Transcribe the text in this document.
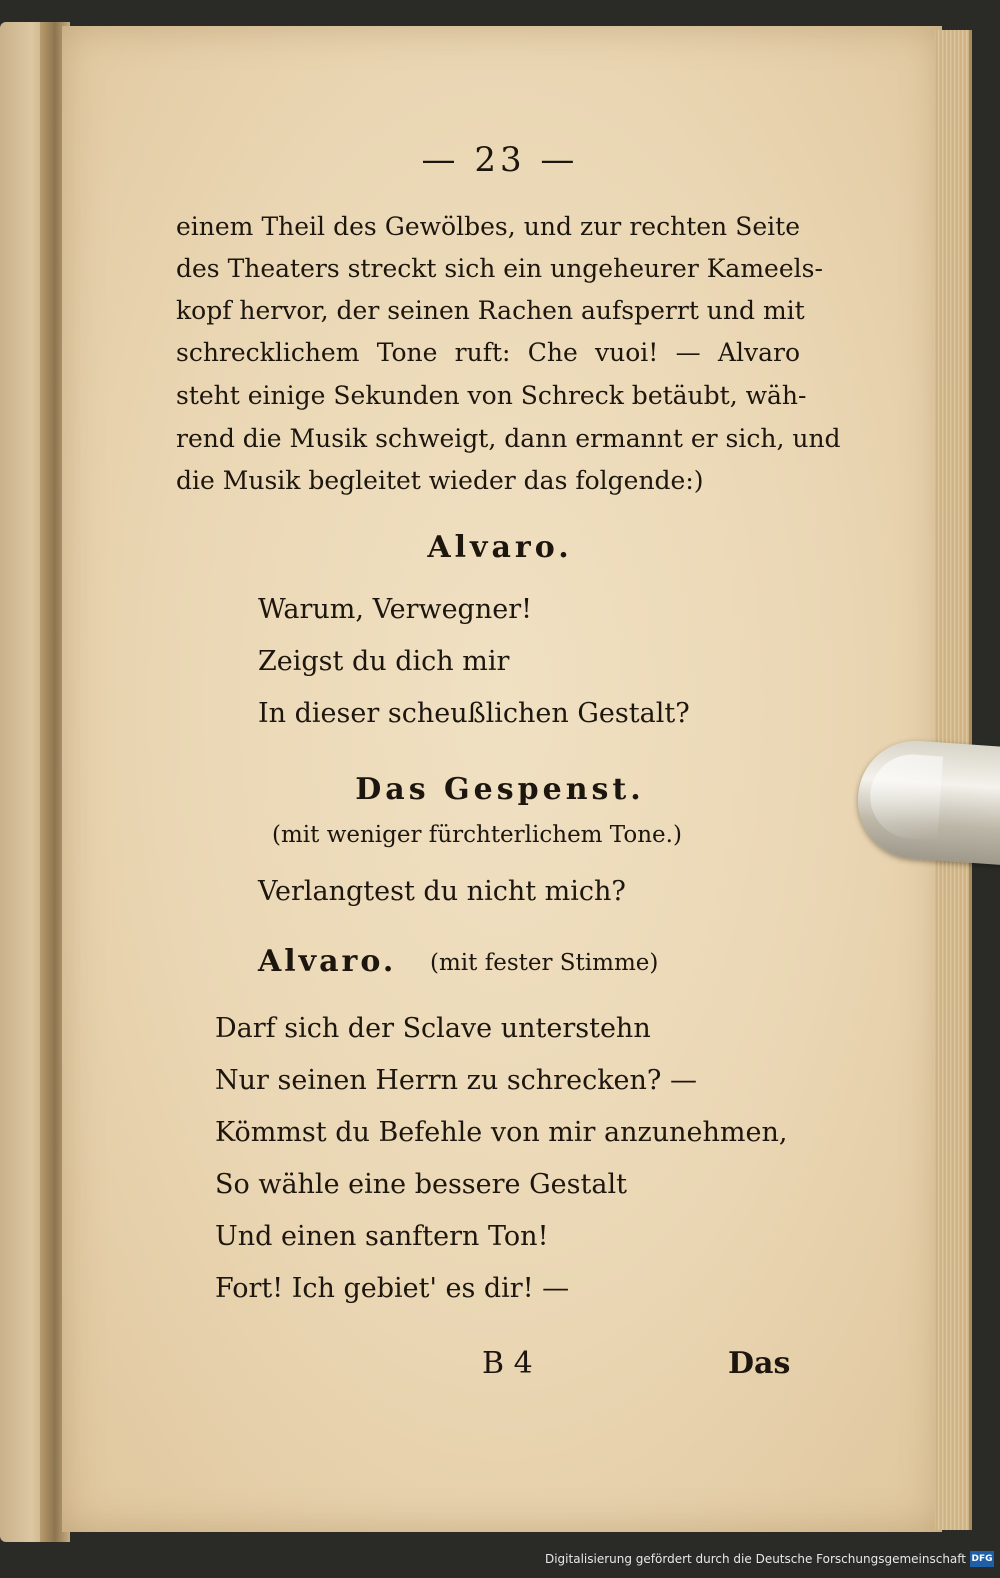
— 23 —
einem Theil des Gewölbes, und zur rechten Seite
des Theaters streckt sich ein ungeheurer Kameels-
kopf hervor, der seinen Rachen aufsperrt und mit
schrecklichem Tone ruft: Che vuoi! — Alvaro
steht einige Sekunden von Schreck betäubt, wäh-
rend die Musik schweigt, dann ermannt er sich, und
die Musik begleitet wieder das folgende:)
Alvaro.
Warum, Verwegner!
Zeigst du dich mir
In dieser scheußlichen Gestalt?
Das Gespenst.
(mit weniger fürchterlichem Tone.)
Verlangtest du nicht mich?
Alvaro. (mit fester Stimme)
Darf sich der Sclave unterstehn
Nur seinen Herrn zu schrecken? —
Kömmst du Befehle von mir anzunehmen,
So wähle eine bessere Gestalt
Und einen sanftern Ton!
Fort! Ich gebiet' es dir! —
B 4	Das
Digitalisierung gefördert durch die Deutsche Forschungsgemeinschaft DFG
